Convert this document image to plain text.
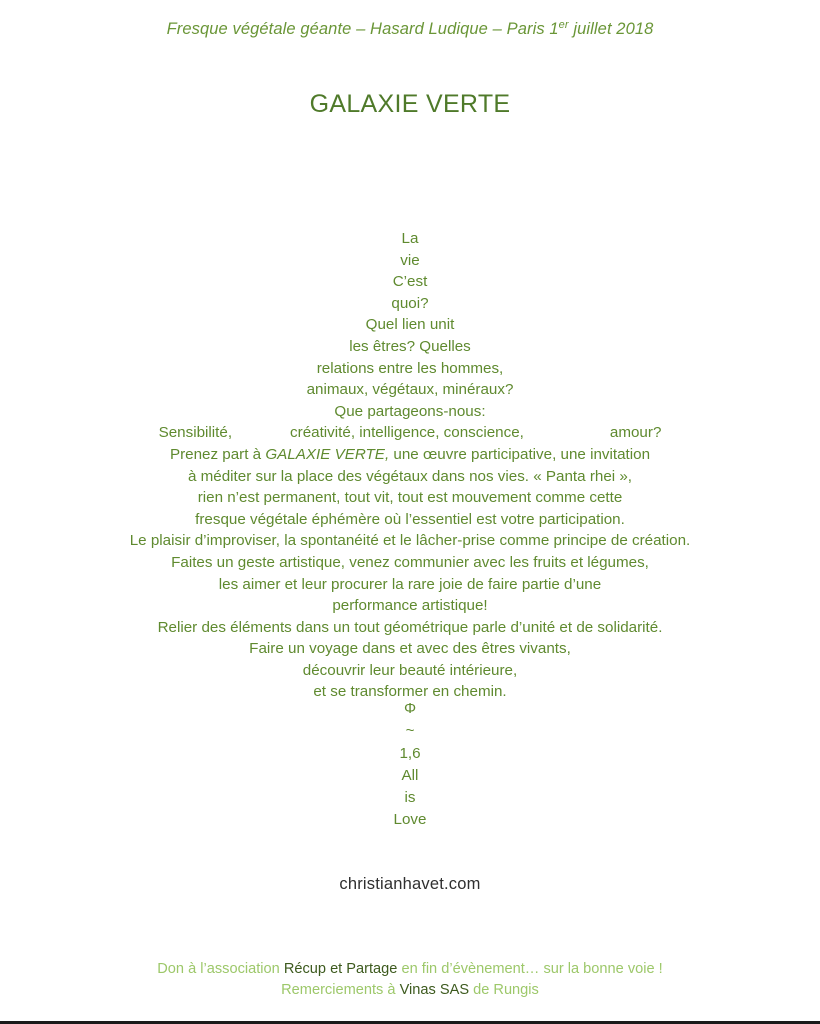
Fresque végétale géante – Hasard Ludique – Paris 1er juillet 2018
GALAXIE VERTE
La
vie
C’est
quoi?
Quel lien unit
les êtres? Quelles
relations entre les hommes,
animaux, végétaux, minéraux?
Que partageons-nous:
Sensibilité,	créativité, intelligence, conscience,	amour?
Prenez part à GALAXIE VERTE, une œuvre participative, une invitation
à méditer sur la place des végétaux dans nos vies. « Panta rhei »,
rien n’est permanent, tout vit, tout est mouvement comme cette
fresque végétale éphémère où l’essentiel est votre participation.
Le plaisir d’improviser, la spontanéité et le lâcher-prise comme principe de création.
Faites un geste artistique, venez communier avec les fruits et légumes,
les aimer et leur procurer la rare joie de faire partie d’une
performance artistique!
Relier des éléments dans un tout géométrique parle d’unité et de solidarité.
Faire un voyage dans et avec des êtres vivants,
découvrir leur beauté intérieure,
et se transformer en chemin.
Φ
~
1,6
All
is
Love
christianhavet.com
Don à l’association Récup et Partage en fin d’évènement… sur la bonne voie !
Remerciements à Vinas SAS de Rungis
